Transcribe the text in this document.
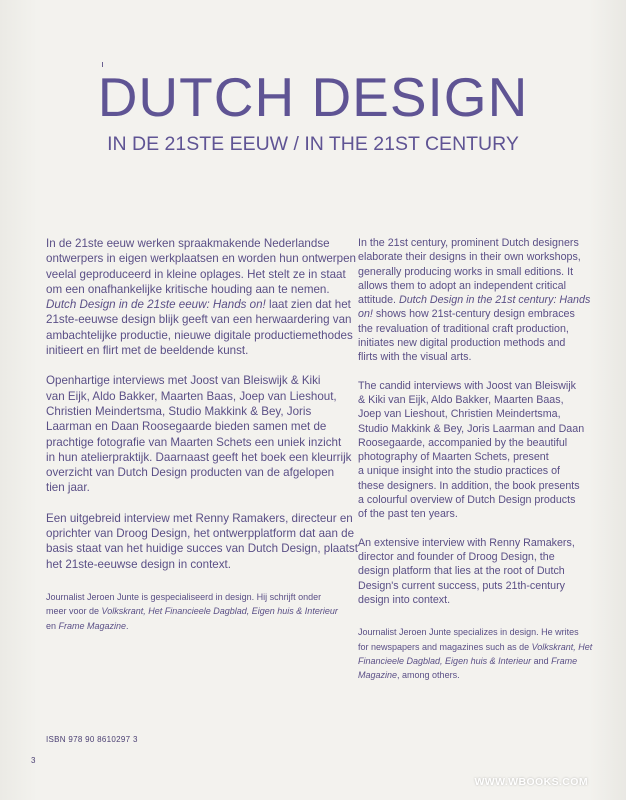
DUTCH DESIGN
IN DE 21STE EEUW / IN THE 21ST CENTURY
In de 21ste eeuw werken spraakmakende Nederlandse
ontwerpers in eigen werkplaatsen en worden hun ontwerpen
veelal geproduceerd in kleine oplages. Het stelt ze in staat
om een onafhankelijke kritische houding aan te nemen.
Dutch Design in de 21ste eeuw: Hands on! laat zien dat het
21ste-eeuwse design blijk geeft van een herwaardering van
ambachtelijke productie, nieuwe digitale productiemethodes
initieert en flirt met de beeldende kunst.
Openhartige interviews met Joost van Bleiswijk & Kiki
van Eijk, Aldo Bakker, Maarten Baas, Joep van Lieshout,
Christien Meindertsma, Studio Makkink & Bey, Joris
Laarman en Daan Roosegaarde bieden samen met de
prachtige fotografie van Maarten Schets een uniek inzicht
in hun atelierpraktijk. Daarnaast geeft het boek een kleurrijk
overzicht van Dutch Design producten van de afgelopen
tien jaar.
Een uitgebreid interview met Renny Ramakers, directeur en
oprichter van Droog Design, het ontwerpplatform dat aan de
basis staat van het huidige succes van Dutch Design, plaatst
het 21ste-eeuwse design in context.
Journalist Jeroen Junte is gespecialiseerd in design. Hij schrijft onder
meer voor de Volkskrant, Het Financieele Dagblad, Eigen huis & Interieur
en Frame Magazine.
In the 21st century, prominent Dutch designers
elaborate their designs in their own workshops,
generally producing works in small editions. It
allows them to adopt an independent critical
attitude. Dutch Design in the 21st century: Hands
on! shows how 21st-century design embraces
the revaluation of traditional craft production,
initiates new digital production methods and
flirts with the visual arts.
The candid interviews with Joost van Bleiswijk
& Kiki van Eijk, Aldo Bakker, Maarten Baas,
Joep van Lieshout, Christien Meindertsma,
Studio Makkink & Bey, Joris Laarman and Daan
Roosegaarde, accompanied by the beautiful
photography of Maarten Schets, present
a unique insight into the studio practices of
these designers. In addition, the book presents
a colourful overview of Dutch Design products
of the past ten years.
An extensive interview with Renny Ramakers,
director and founder of Droog Design, the
design platform that lies at the root of Dutch
Design's current success, puts 21th-century
design into context.
Journalist Jeroen Junte specializes in design. He writes
for newspapers and magazines such as de Volkskrant, Het
Financieele Dagblad, Eigen huis & Interieur and Frame
Magazine, among others.
ISBN 978 90 8610297 3
3
WWW.WBOOKS.COM
